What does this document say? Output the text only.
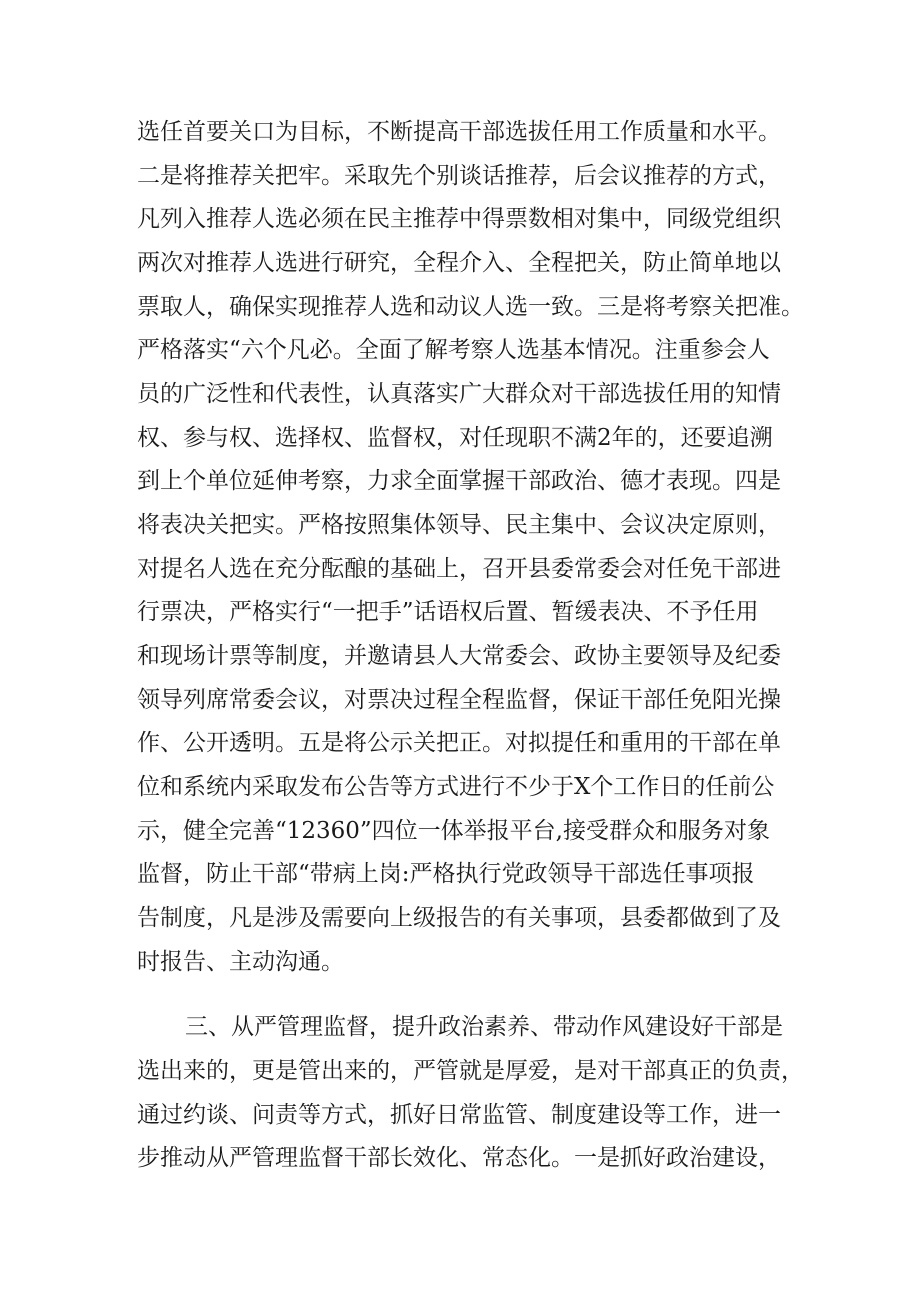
选任首要关口为目标，不断提高干部选拔任用工作质量和水平。
二是将推荐关把牢。采取先个别谈话推荐，后会议推荐的方式，
凡列入推荐人选必须在民主推荐中得票数相对集中，同级党组织
两次对推荐人选进行研究，全程介入、全程把关，防止简单地以
票取人，确保实现推荐人选和动议人选一致。三是将考察关把准。
严格落实“六个凡必。全面了解考察人选基本情况。注重参会人
员的广泛性和代表性，认真落实广大群众对干部选拔任用的知情
权、参与权、选择权、监督权，对任现职不满2年的，还要追溯
到上个单位延伸考察，力求全面掌握干部政治、德才表现。四是
将表决关把实。严格按照集体领导、民主集中、会议决定原则，
对提名人选在充分酝酿的基础上，召开县委常委会对任免干部进
行票决，严格实行“一把手”话语权后置、暂缓表决、不予任用
和现场计票等制度，并邀请县人大常委会、政协主要领导及纪委
领导列席常委会议，对票决过程全程监督，保证干部任免阳光操
作、公开透明。五是将公示关把正。对拟提任和重用的干部在单
位和系统内采取发布公告等方式进行不少于X个工作日的任前公
示，健全完善“12360”四位一体举报平台,接受群众和服务对象
监督，防止干部“带病上岗:严格执行党政领导干部选任事项报
告制度，凡是涉及需要向上级报告的有关事项，县委都做到了及
时报告、主动沟通。
三、从严管理监督，提升政治素养、带动作风建设好干部是
选出来的，更是管出来的，严管就是厚爱，是对干部真正的负责，
通过约谈、问责等方式，抓好日常监管、制度建设等工作，进一
步推动从严管理监督干部长效化、常态化。一是抓好政治建设，
